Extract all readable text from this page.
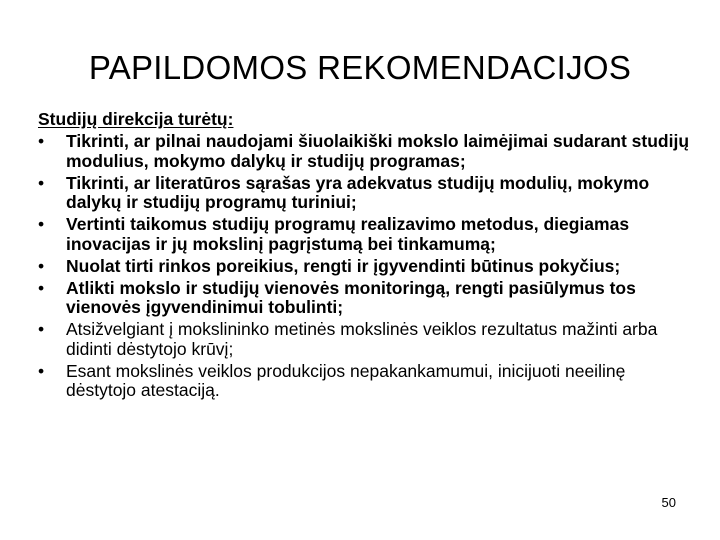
PAPILDOMOS REKOMENDACIJOS
Studijų direkcija turėtų:
• Tikrinti, ar pilnai naudojami šiuolaikiški mokslo laimėjimai sudarant studijų modulius, mokymo dalykų ir studijų programas;
• Tikrinti, ar literatūros sąrašas yra adekvatus studijų modulių, mokymo dalykų ir studijų programų turiniui;
• Vertinti taikomus studijų programų realizavimo metodus, diegiamas inovacijas ir jų mokslinį pagrįstumą bei tinkamumą;
• Nuolat tirti rinkos poreikius, rengti ir įgyvendinti būtinus pokyčius;
• Atlikti mokslo ir studijų vienovės monitoringą, rengti pasiūlymus tos vienovės įgyvendinimui tobulinti;
• Atsižvelgiant į mokslininko metinės mokslinės veiklos rezultatus mažinti arba didinti dėstytojo krūvį;
• Esant mokslinės veiklos produkcijos nepakankamumui, inicijuoti neeilinę dėstytojo atestaciją.
50
